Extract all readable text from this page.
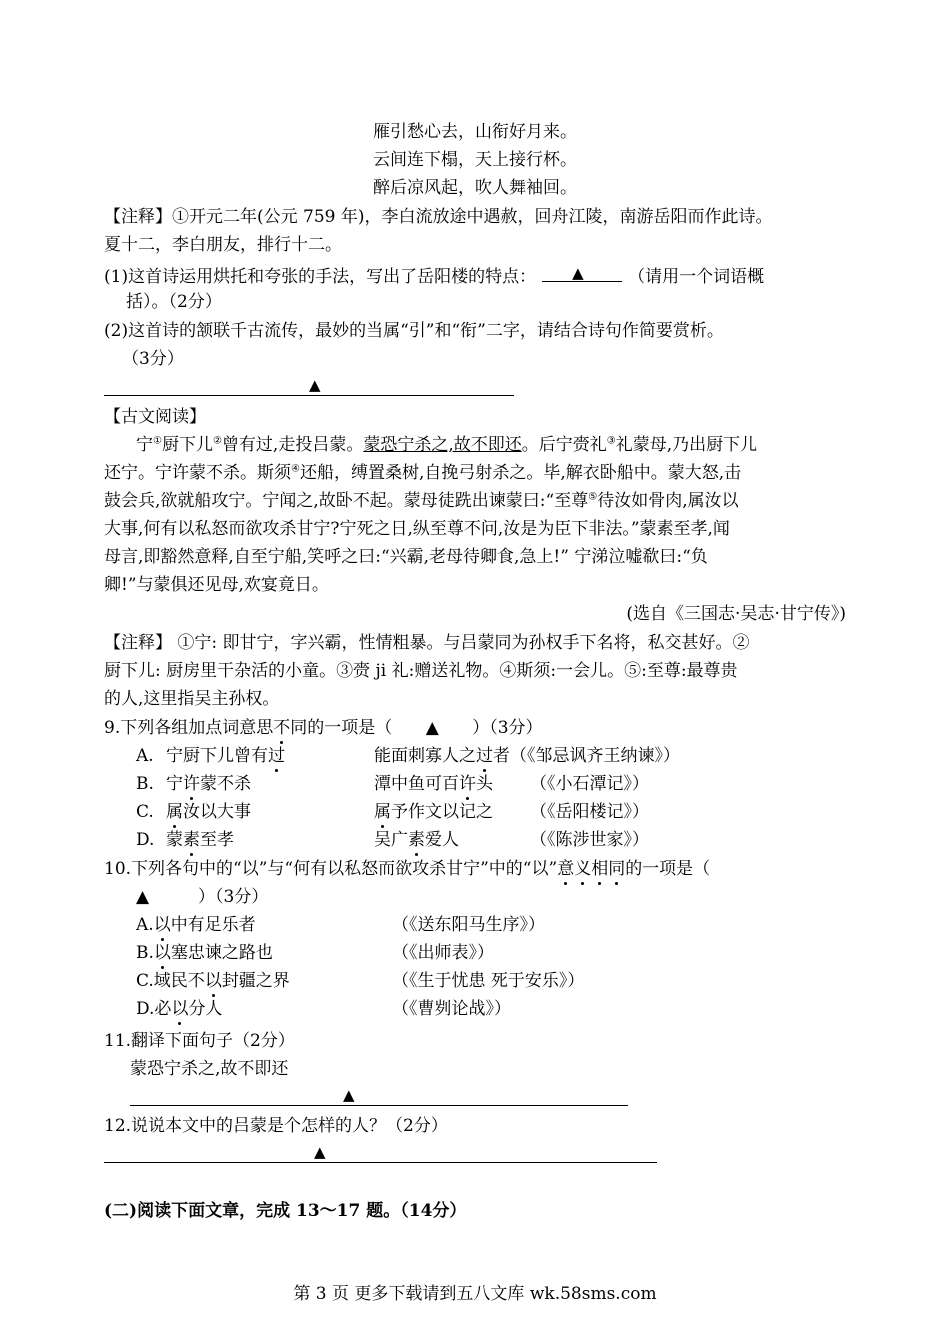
雁引愁心去，山衔好月来。
云间连下榻，天上接行杯。
醉后凉风起，吹人舞袖回。
【注释】①开元二年(公元 759 年)，李白流放途中遇赦，回舟江陵，南游岳阳而作此诗。
夏十二，李白朋友，排行十二。
(1)这首诗运用烘托和夸张的手法，写出了岳阳楼的特点： ▲	（请用一个词语概
括）。（2分）
(2)这首诗的颔联千古流传，最妙的当属“引”和“衔”二字，请结合诗句作简要赏析。
（3分）
▲
【古文阅读】
宁①厨下儿②曾有过,走投吕蒙。蒙恐宁杀之,故不即还。后宁赍礼③礼蒙母,乃出厨下儿
还宁。宁许蒙不杀。斯须④还船，缚置桑树,自挽弓射杀之。毕,解衣卧船中。蒙大怒,击
鼓会兵,欲就船攻宁。宁闻之,故卧不起。蒙母徒跣出谏蒙曰:“至尊⑤待汝如骨肉,属汝以
大事,何有以私怒而欲攻杀甘宁?宁死之日,纵至尊不问,汝是为臣下非法。”蒙素至孝,闻
母言,即豁然意释,自至宁船,笑呼之曰:“兴霸,老母待卿食,急上!” 宁涕泣嘘欷曰:“负
卿!”与蒙俱还见母,欢宴竟日。
(选自《三国志·吴志·甘宁传》)
【注释】 ①宁: 即甘宁，字兴霸，性情粗暴。与吕蒙同为孙权手下名将，私交甚好。②
厨下儿: 厨房里干杂活的小童。③赍 ji 礼:赠送礼物。④斯须:一会儿。⑤:至尊:最尊贵
的人,这里指吴主孙权。
9.下列各组加点词意思不同的一项是（ ▲ ）（3分）
A. 宁厨下儿曾有过	能面刺寡人之过者（《邹忌讽齐王纳谏》）
B. 宁许蒙不杀	潭中鱼可百许头 （《小石潭记》）
C. 属汝以大事	属予作文以记之 （《岳阳楼记》）
D. 蒙素至孝	吴广素爱人	（《陈涉世家》）
10.下列各句中的“以”与“何有以私怒而欲攻杀甘宁”中的“以”意义相同的一项是（
▲	）（3分）
A.以中有足乐者	（《送东阳马生序》）
B.以塞忠谏之路也	（《出师表》）
C.域民不以封疆之界	（《生于忧患 死于安乐》）
D.必以分人	（《曹刿论战》）
11.翻译下面句子（2分）
蒙恐宁杀之,故不即还
▲
12.说说本文中的吕蒙是个怎样的人？（2分）
▲
(二)阅读下面文章，完成 13～17 题。（14分）
第 3 页 更多下载请到五八文库 wk.58sms.com
